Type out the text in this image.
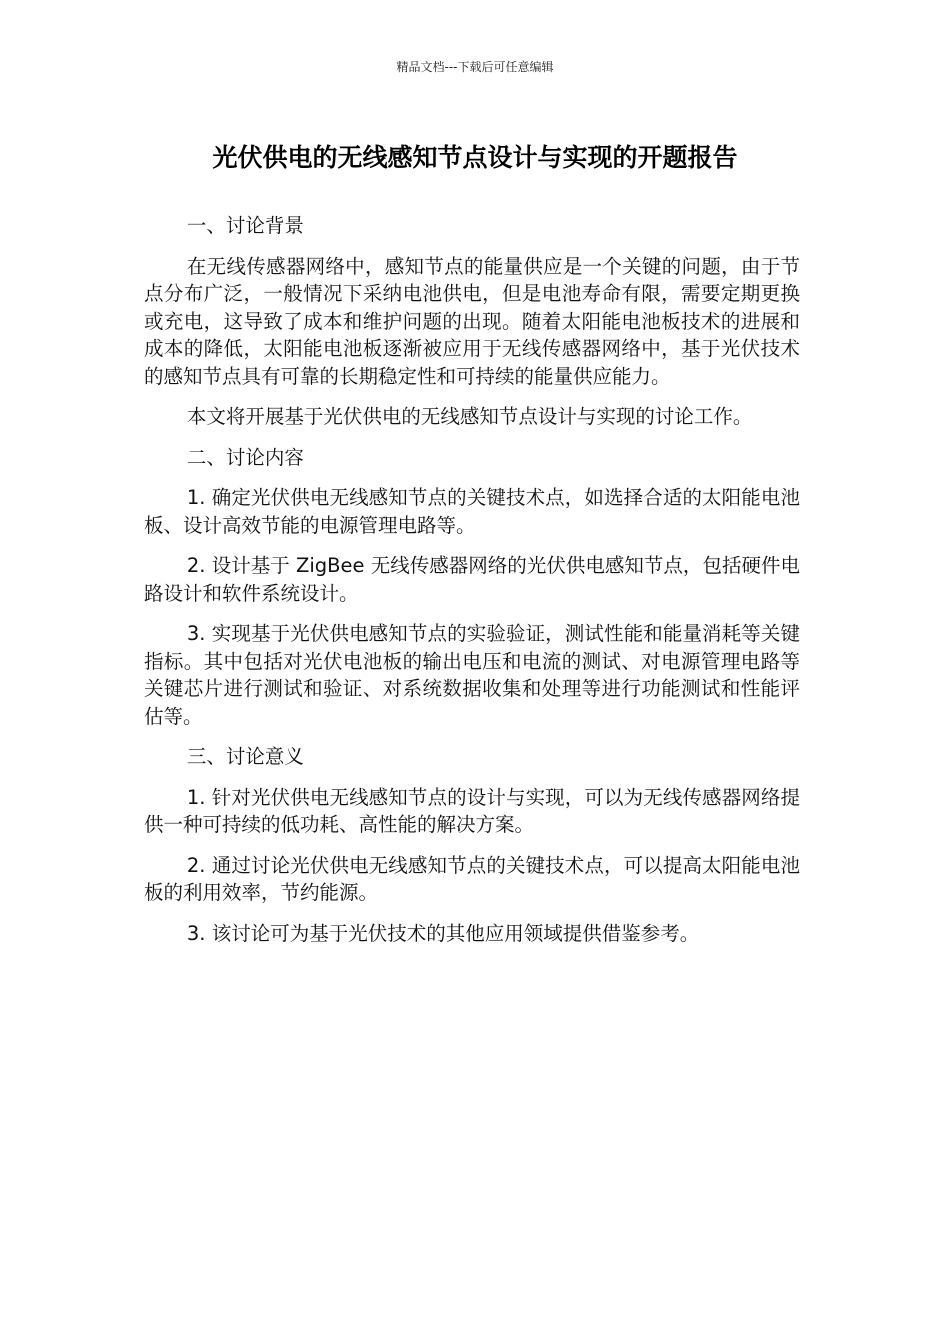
精品文档---下载后可任意编辑
光伏供电的无线感知节点设计与实现的开题报告

一、讨论背景

在无线传感器网络中，感知节点的能量供应是一个关键的问题，由于节点分布广泛，一般情况下采纳电池供电，但是电池寿命有限，需要定期更换或充电，这导致了成本和维护问题的出现。随着太阳能电池板技术的进展和成本的降低，太阳能电池板逐渐被应用于无线传感器网络中，基于光伏技术的感知节点具有可靠的长期稳定性和可持续的能量供应能力。

本文将开展基于光伏供电的无线感知节点设计与实现的讨论工作。

二、讨论内容

1. 确定光伏供电无线感知节点的关键技术点，如选择合适的太阳能电池板、设计高效节能的电源管理电路等。

2. 设计基于 ZigBee 无线传感器网络的光伏供电感知节点，包括硬件电路设计和软件系统设计。

3. 实现基于光伏供电感知节点的实验验证，测试性能和能量消耗等关键指标。其中包括对光伏电池板的输出电压和电流的测试、对电源管理电路等关键芯片进行测试和验证、对系统数据收集和处理等进行功能测试和性能评估等。

三、讨论意义

1. 针对光伏供电无线感知节点的设计与实现，可以为无线传感器网络提供一种可持续的低功耗、高性能的解决方案。

2. 通过讨论光伏供电无线感知节点的关键技术点，可以提高太阳能电池板的利用效率，节约能源。

3. 该讨论可为基于光伏技术的其他应用领域提供借鉴参考。
